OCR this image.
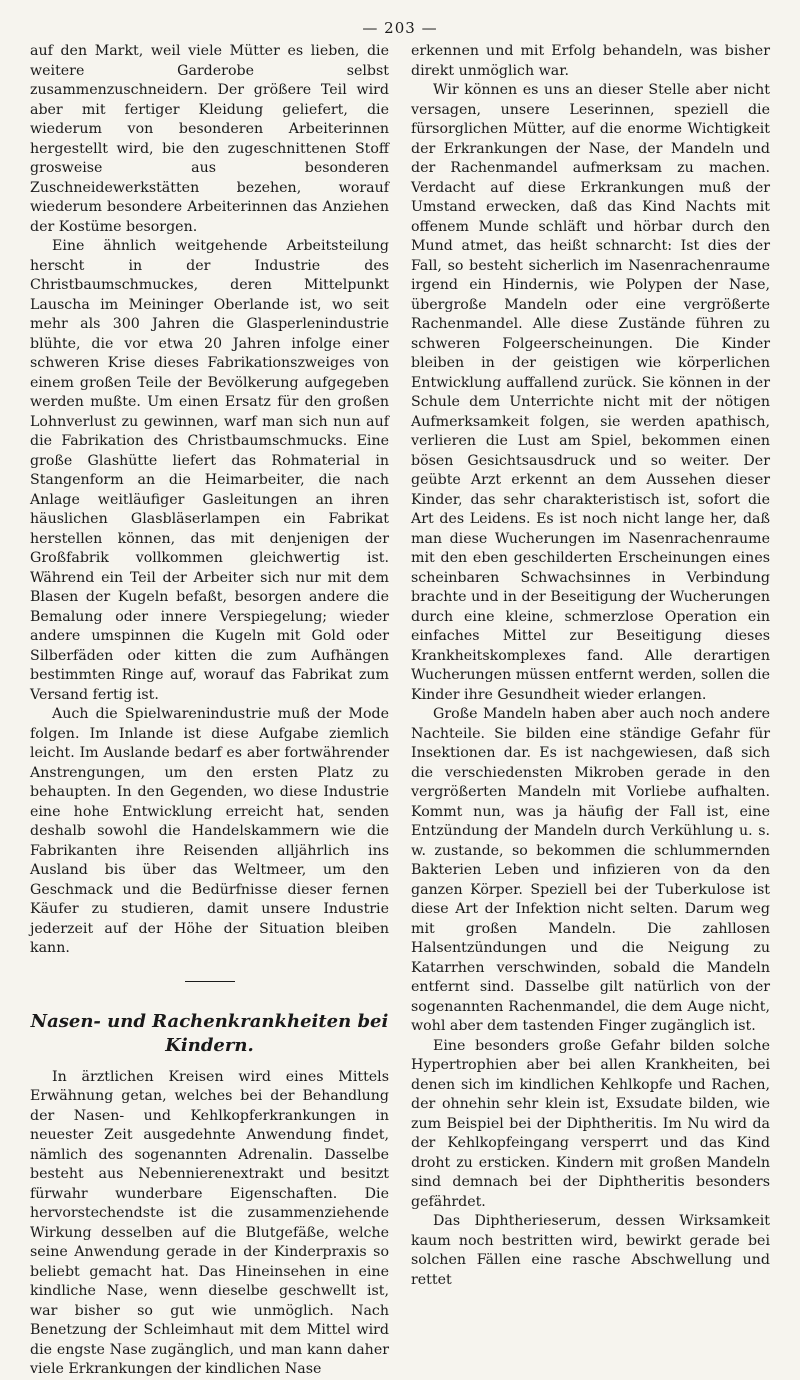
— 203 —

auf den Markt, weil viele Mütter es lieben, die weitere Garderobe selbst zusammenzuschneidern. Der größere Teil wird aber mit fertiger Kleidung geliefert, die wiederum von besonderen Arbeiterinnen hergestellt wird, bie den zugeschnittenen Stoff grosweise aus besonderen Zuschneidewerkstätten bezehen, worauf wiederum besondere Arbeiterinnen das Anziehen der Kostüme besorgen.

Eine ähnlich weitgehende Arbeitsteilung herscht in der Industrie des Christbaumschmuckes, deren Mittelpunkt Lauscha im Meininger Oberlande ist, wo seit mehr als 300 Jahren die Glasperlenindustrie blühte, die vor etwa 20 Jahren infolge einer schweren Krise dieses Fabrikationszweiges von einem großen Teile der Bevölkerung aufgegeben werden mußte. Um einen Ersatz für den großen Lohnverlust zu gewinnen, warf man sich nun auf die Fabrikation des Christbaumschmucks. Eine große Glashütte liefert das Rohmaterial in Stangenform an die Heimarbeiter, die nach Anlage weitläufiger Gasleitungen an ihren häuslichen Glasbläserlampen ein Fabrikat herstellen können, das mit denjenigen der Großfabrik vollkommen gleichwertig ist. Während ein Teil der Arbeiter sich nur mit dem Blasen der Kugeln befaßt, besorgen andere die Bemalung oder innere Verspiegelung; wieder andere umspinnen die Kugeln mit Gold oder Silberfäden oder kitten die zum Aufhängen bestimmten Ringe auf, worauf das Fabrikat zum Versand fertig ist.

Auch die Spielwarenindustrie muß der Mode folgen. Im Inlande ist diese Aufgabe ziemlich leicht. Im Auslande bedarf es aber fortwährender Anstrengungen, um den ersten Platz zu behaupten. In den Gegenden, wo diese Industrie eine hohe Entwicklung erreicht hat, senden deshalb sowohl die Handelskammern wie die Fabrikanten ihre Reisenden alljährlich ins Ausland bis über das Weltmeer, um den Geschmack und die Bedürfnisse dieser fernen Käufer zu studieren, damit unsere Industrie jederzeit auf der Höhe der Situation bleiben kann.

Nasen- und Rachenkrankheiten bei Kindern.

In ärztlichen Kreisen wird eines Mittels Erwähnung getan, welches bei der Behandlung der Nasen- und Kehlkopferkrankungen in neuester Zeit ausgedehnte Anwendung findet, nämlich des sogenannten Adrenalin. Dasselbe besteht aus Nebennierenextrakt und besitzt fürwahr wunderbare Eigenschaften. Die hervorstechendste ist die zusammenziehende Wirkung desselben auf die Blutgefäße, welche seine Anwendung gerade in der Kinderpraxis so beliebt gemacht hat. Das Hineinsehen in eine kindliche Nase, wenn dieselbe geschwellt ist, war bisher so gut wie unmöglich. Nach Benetzung der Schleimhaut mit dem Mittel wird die engste Nase zugänglich, und man kann daher viele Erkrankungen der kindlichen Nase

erkennen und mit Erfolg behandeln, was bisher direkt unmöglich war.

Wir können es uns an dieser Stelle aber nicht versagen, unsere Leserinnen, speziell die fürsorglichen Mütter, auf die enorme Wichtigkeit der Erkrankungen der Nase, der Mandeln und der Rachenmandel aufmerksam zu machen. Verdacht auf diese Erkrankungen muß der Umstand erwecken, daß das Kind Nachts mit offenem Munde schläft und hörbar durch den Mund atmet, das heißt schnarcht: Ist dies der Fall, so besteht sicherlich im Nasenrachenraume irgend ein Hindernis, wie Polypen der Nase, übergroße Mandeln oder eine vergrößerte Rachenmandel. Alle diese Zustände führen zu schweren Folgeerscheinungen. Die Kinder bleiben in der geistigen wie körperlichen Entwicklung auffallend zurück. Sie können in der Schule dem Unterrichte nicht mit der nötigen Aufmerksamkeit folgen, sie werden apathisch, verlieren die Lust am Spiel, bekommen einen bösen Gesichtsausdruck und so weiter. Der geübte Arzt erkennt an dem Aussehen dieser Kinder, das sehr charakteristisch ist, sofort die Art des Leidens. Es ist noch nicht lange her, daß man diese Wucherungen im Nasenrachenraume mit den eben geschilderten Erscheinungen eines scheinbaren Schwachsinnes in Verbindung brachte und in der Beseitigung der Wucherungen durch eine kleine, schmerzlose Operation ein einfaches Mittel zur Beseitigung dieses Krankheitskomplexes fand. Alle derartigen Wucherungen müssen entfernt werden, sollen die Kinder ihre Gesundheit wieder erlangen.

Große Mandeln haben aber auch noch andere Nachteile. Sie bilden eine ständige Gefahr für Insektionen dar. Es ist nachgewiesen, daß sich die verschiedensten Mikroben gerade in den vergrößerten Mandeln mit Vorliebe aufhalten. Kommt nun, was ja häufig der Fall ist, eine Entzündung der Mandeln durch Verkühlung u. s. w. zustande, so bekommen die schlummernden Bakterien Leben und infizieren von da den ganzen Körper. Speziell bei der Tuberkulose ist diese Art der Infektion nicht selten. Darum weg mit großen Mandeln. Die zahllosen Halsentzündungen und die Neigung zu Katarrhen verschwinden, sobald die Mandeln entfernt sind. Dasselbe gilt natürlich von der sogenannten Rachenmandel, die dem Auge nicht, wohl aber dem tastenden Finger zugänglich ist.

Eine besonders große Gefahr bilden solche Hypertrophien aber bei allen Krankheiten, bei denen sich im kindlichen Kehlkopfe und Rachen, der ohnehin sehr klein ist, Exsudate bilden, wie zum Beispiel bei der Diphtheritis. Im Nu wird da der Kehlkopfeingang versperrt und das Kind droht zu ersticken. Kindern mit großen Mandeln sind demnach bei der Diphtheritis besonders gefährdet.

Das Diphtherieserum, dessen Wirksamkeit kaum noch bestritten wird, bewirkt gerade bei solchen Fällen eine rasche Abschwellung und rettet
